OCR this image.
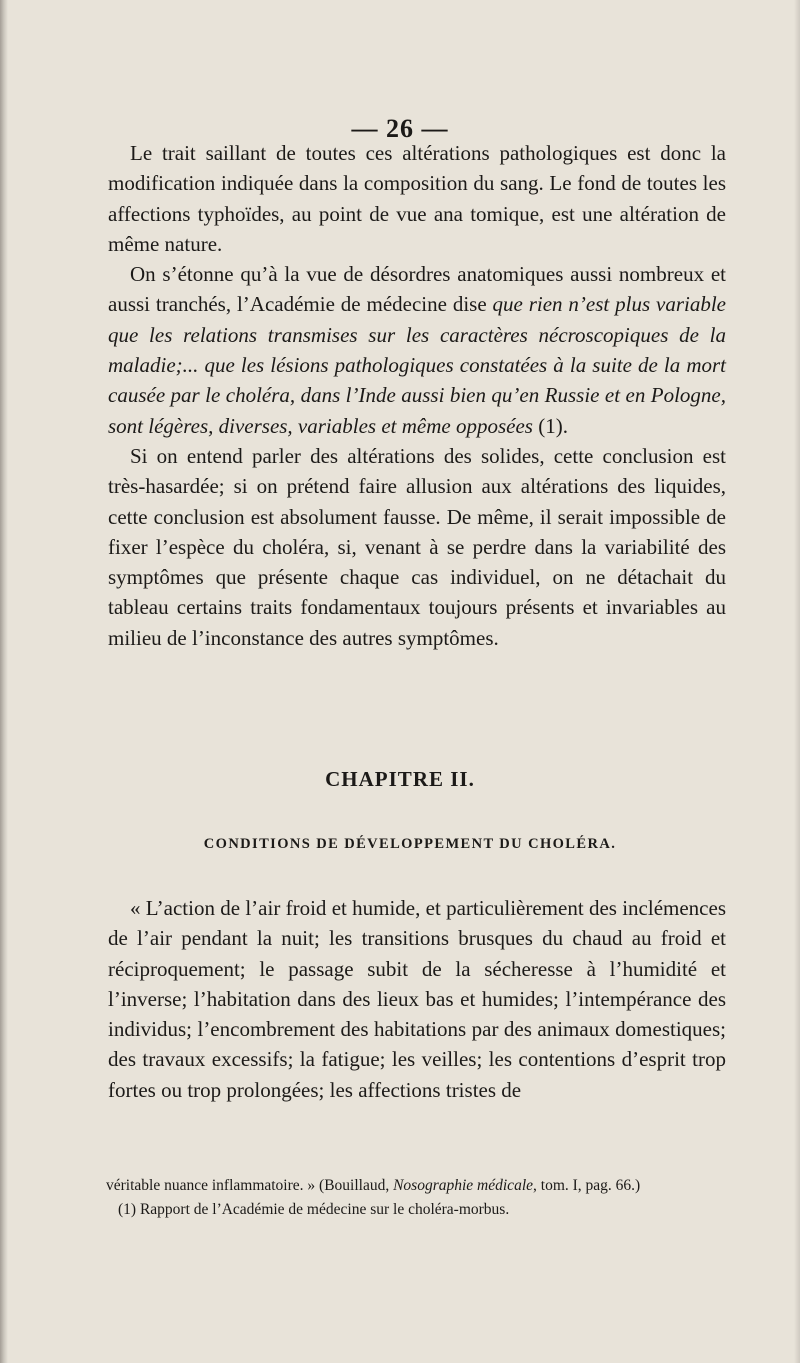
— 26 —

Le trait saillant de toutes ces altérations pathologiques est donc la modification indiquée dans la composition du sang. Le fond de toutes les affections typhoïdes, au point de vue ana tomique, est une altération de même nature.

On s’étonne qu’à la vue de désordres anatomiques aussi nombreux et aussi tranchés, l’Académie de médecine dise que rien n’est plus variable que les relations transmises sur les caractères nécroscopiques de la maladie;... que les lésions pathologiques constatées à la suite de la mort causée par le choléra, dans l’Inde aussi bien qu’en Russie et en Pologne, sont légères, diverses, variables et même opposées (1).

Si on entend parler des altérations des solides, cette conclusion est très-hasardée; si on prétend faire allusion aux altérations des liquides, cette conclusion est absolument fausse. De même, il serait impossible de fixer l’espèce du choléra, si, venant à se perdre dans la variabilité des symptômes que présente chaque cas individuel, on ne détachait du tableau certains traits fondamentaux toujours présents et invariables au milieu de l’inconstance des autres symptômes.

CHAPITRE II.
CONDITIONS DE DÉVELOPPEMENT DU CHOLÉRA.

« L’action de l’air froid et humide, et particulièrement des inclémences de l’air pendant la nuit; les transitions brusques du chaud au froid et réciproquement; le passage subit de la sécheresse à l’humidité et l’inverse; l’habitation dans des lieux bas et humides; l’intempérance des individus; l’encombrement des habitations par des animaux domestiques; des travaux excessifs; la fatigue; les veilles; les contentions d’esprit trop fortes ou trop prolongées; les affections tristes de

véritable nuance inflammatoire. » (Bouillaud, Nosographie médicale, tom. I, pag. 66.)

(1) Rapport de l’Académie de médecine sur le choléra-morbus.
